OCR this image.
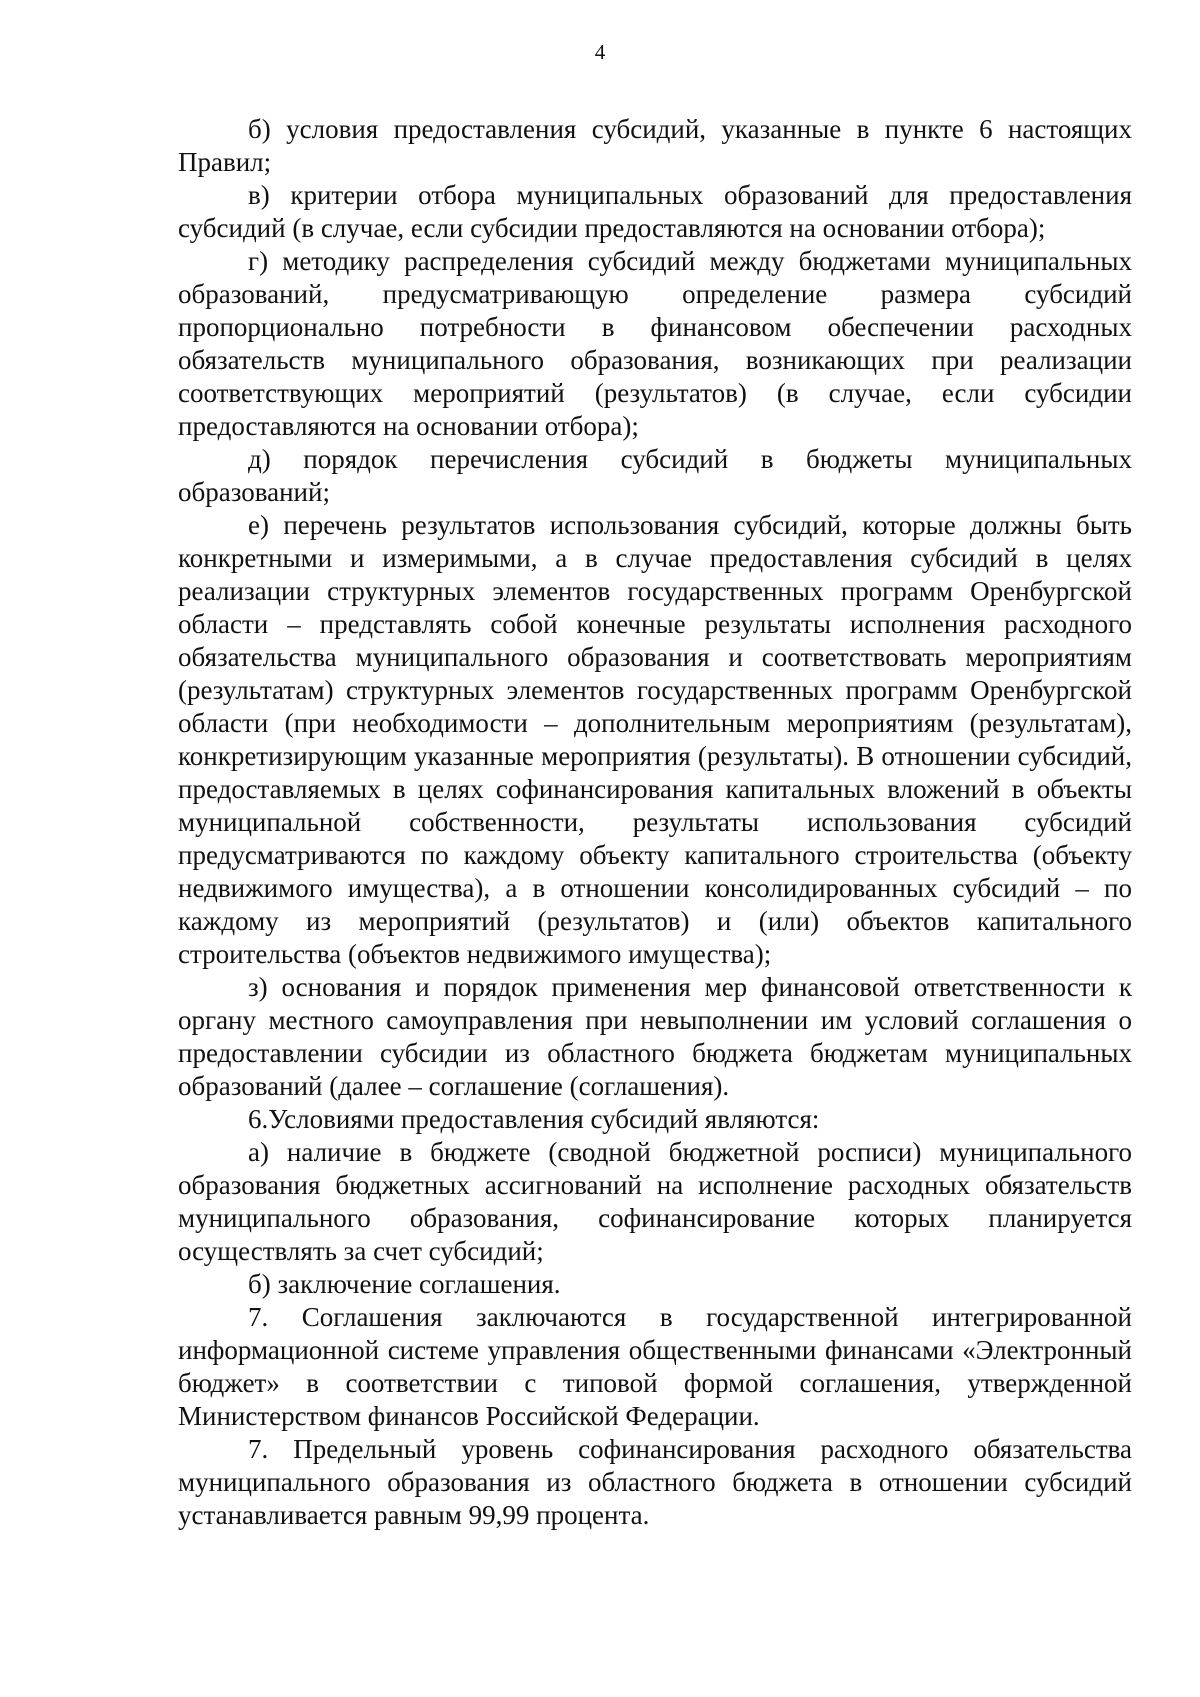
4

б) условия предоставления субсидий, указанные в пункте 6 настоящих Правил;

в) критерии отбора муниципальных образований для предоставления субсидий (в случае, если субсидии предоставляются на основании отбора);

г) методику распределения субсидий между бюджетами муниципальных образований, предусматривающую определение размера субсидий пропорционально потребности в финансовом обеспечении расходных обязательств муниципального образования, возникающих при реализации соответствующих мероприятий (результатов) (в случае, если субсидии предоставляются на основании отбора);

д) порядок перечисления субсидий в бюджеты муниципальных образований;

е) перечень результатов использования субсидий, которые должны быть конкретными и измеримыми, а в случае предоставления субсидий в целях реализации структурных элементов государственных программ Оренбургской области – представлять собой конечные результаты исполнения расходного обязательства муниципального образования и соответствовать мероприятиям (результатам) структурных элементов государственных программ Оренбургской области (при необходимости – дополнительным мероприятиям (результатам), конкретизирующим указанные мероприятия (результаты). В отношении субсидий, предоставляемых в целях софинансирования капитальных вложений в объекты муниципальной собственности, результаты использования субсидий предусматриваются по каждому объекту капитального строительства (объекту недвижимого имущества), а в отношении консолидированных субсидий – по каждому из мероприятий (результатов) и (или) объектов капитального строительства (объектов недвижимого имущества);

з) основания и порядок применения мер финансовой ответственности к органу местного самоуправления при невыполнении им условий соглашения о предоставлении субсидии из областного бюджета бюджетам муниципальных образований (далее – соглашение (соглашения).

6.Условиями предоставления субсидий являются:

а) наличие в бюджете (сводной бюджетной росписи) муниципального образования бюджетных ассигнований на исполнение расходных обязательств муниципального образования, софинансирование которых планируется осуществлять за счет субсидий;

б) заключение соглашения.

7. Соглашения заключаются в государственной интегрированной информационной системе управления общественными финансами «Электронный бюджет» в соответствии с типовой формой соглашения, утвержденной Министерством финансов Российской Федерации.

7. Предельный уровень софинансирования расходного обязательства муниципального образования из областного бюджета в отношении субсидий устанавливается равным 99,99 процента.
